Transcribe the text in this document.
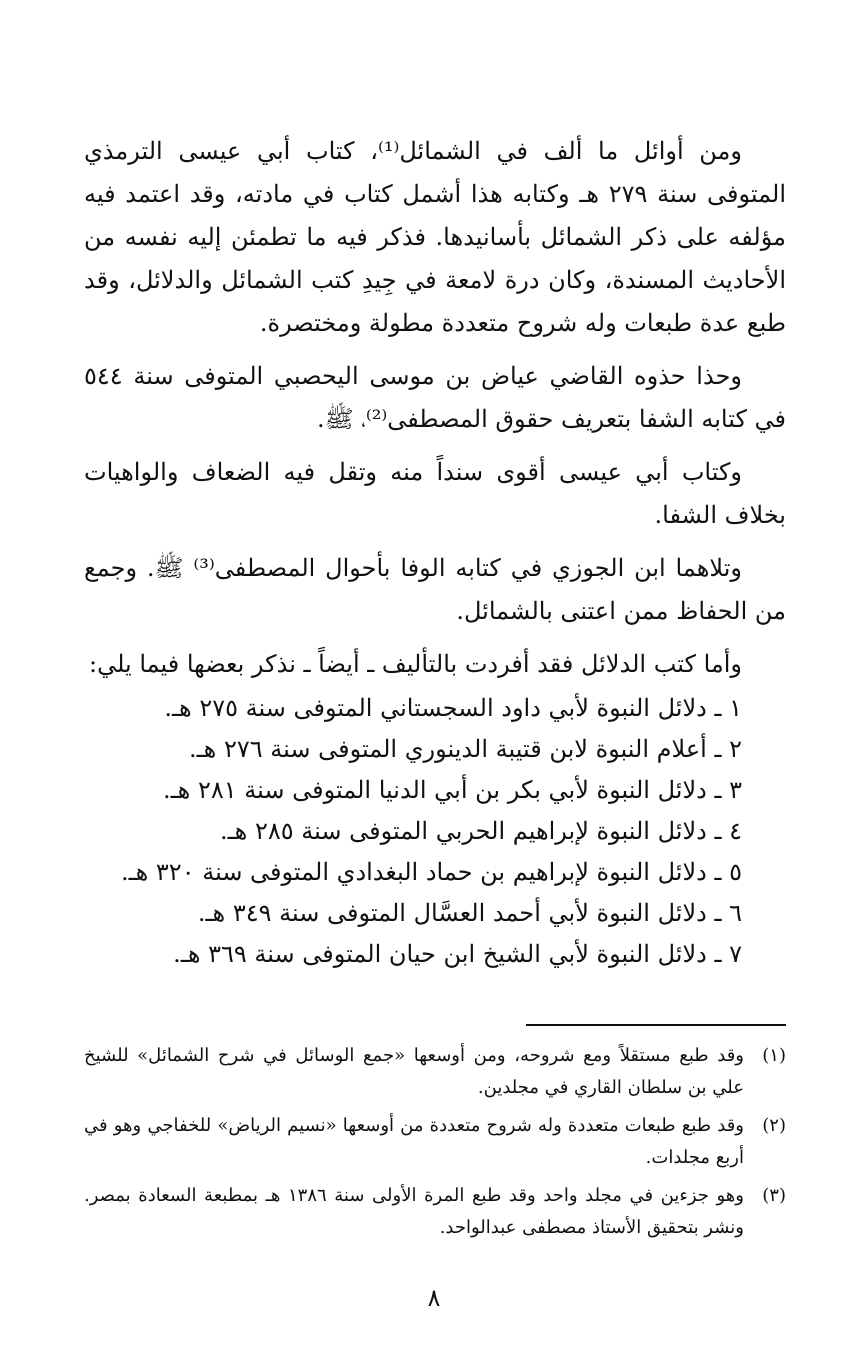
ومن أوائل ما ألف في الشمائل⁽¹⁾، كتاب أبي عيسى الترمذي المتوفى سنة ٢٧٩ هـ وكتابه هذا أشمل كتاب في مادته، وقد اعتمد فيه مؤلفه على ذكر الشمائل بأسانيدها. فذكر فيه ما تطمئن إليه نفسه من الأحاديث المسندة، وكان درة لامعة في جِيدِ كتب الشمائل والدلائل، وقد طبع عدة طبعات وله شروح متعددة مطولة ومختصرة.

وحذا حذوه القاضي عياض بن موسى اليحصبي المتوفى سنة ٥٤٤ في كتابه الشفا بتعريف حقوق المصطفى⁽²⁾، ﷺ.

وكتاب أبي عيسى أقوى سنداً منه وتقل فيه الضعاف والواهيات بخلاف الشفا.

وتلاهما ابن الجوزي في كتابه الوفا بأحوال المصطفى⁽³⁾ ﷺ. وجمع من الحفاظ ممن اعتنى بالشمائل.

وأما كتب الدلائل فقد أفردت بالتأليف ـ أيضاً ـ نذكر بعضها فيما يلي:

١ ـ دلائل النبوة لأبي داود السجستاني المتوفى سنة ٢٧٥ هـ.
٢ ـ أعلام النبوة لابن قتيبة الدينوري المتوفى سنة ٢٧٦ هـ.
٣ ـ دلائل النبوة لأبي بكر بن أبي الدنيا المتوفى سنة ٢٨١ هـ.
٤ ـ دلائل النبوة لإبراهيم الحربي المتوفى سنة ٢٨٥ هـ.
٥ ـ دلائل النبوة لإبراهيم بن حماد البغدادي المتوفى سنة ٣٢٠ هـ.
٦ ـ دلائل النبوة لأبي أحمد العسَّال المتوفى سنة ٣٤٩ هـ.
٧ ـ دلائل النبوة لأبي الشيخ ابن حيان المتوفى سنة ٣٦٩ هـ.
(١)
وقد طبع مستقلاً ومع شروحه، ومن أوسعها «جمع الوسائل في شرح الشمائل» للشيخ علي بن سلطان القاري في مجلدين.
(٢)
وقد طبع طبعات متعددة وله شروح متعددة من أوسعها «نسيم الرياض» للخفاجي وهو في أربع مجلدات.
(٣)
وهو جزءين في مجلد واحد وقد طبع المرة الأولى سنة ١٣٨٦ هـ بمطبعة السعادة بمصر. ونشر بتحقيق الأستاذ مصطفى عبدالواحد.
٨
